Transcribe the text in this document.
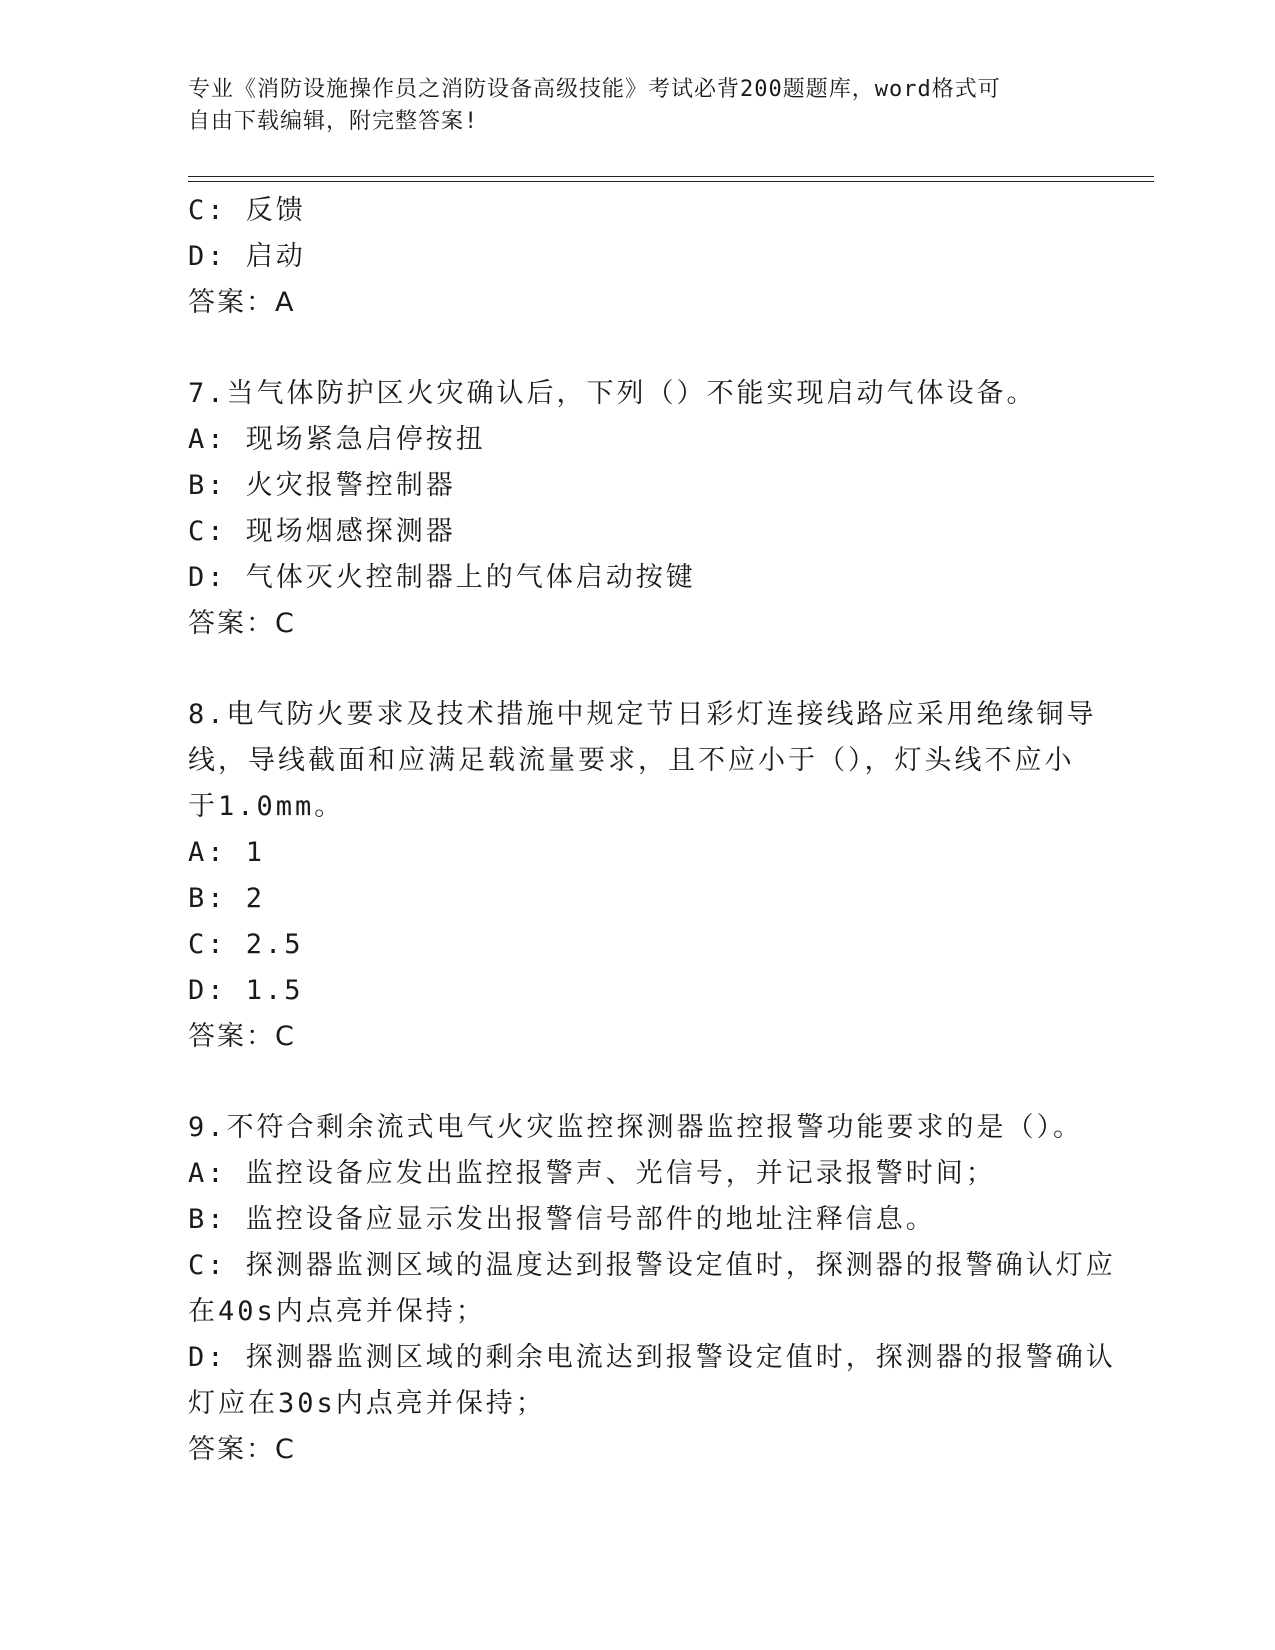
专业《消防设施操作员之消防设备高级技能》考试必背200题题库，word格式可
自由下载编辑，附完整答案!
C: 反馈
D: 启动
答案：A
7.当气体防护区火灾确认后，下列（）不能实现启动气体设备。
A: 现场紧急启停按扭
B: 火灾报警控制器
C: 现场烟感探测器
D: 气体灭火控制器上的气体启动按键
答案：C
8.电气防火要求及技术措施中规定节日彩灯连接线路应采用绝缘铜导
线，导线截面和应满足载流量要求，且不应小于（），灯头线不应小
于1.0mm。
A: 1
B: 2
C: 2.5
D: 1.5
答案：C
9.不符合剩余流式电气火灾监控探测器监控报警功能要求的是（）。
A: 监控设备应发出监控报警声、光信号，并记录报警时间；
B: 监控设备应显示发出报警信号部件的地址注释信息。
C: 探测器监测区域的温度达到报警设定值时，探测器的报警确认灯应
在40s内点亮并保持；
D: 探测器监测区域的剩余电流达到报警设定值时，探测器的报警确认
灯应在30s内点亮并保持；
答案：C
